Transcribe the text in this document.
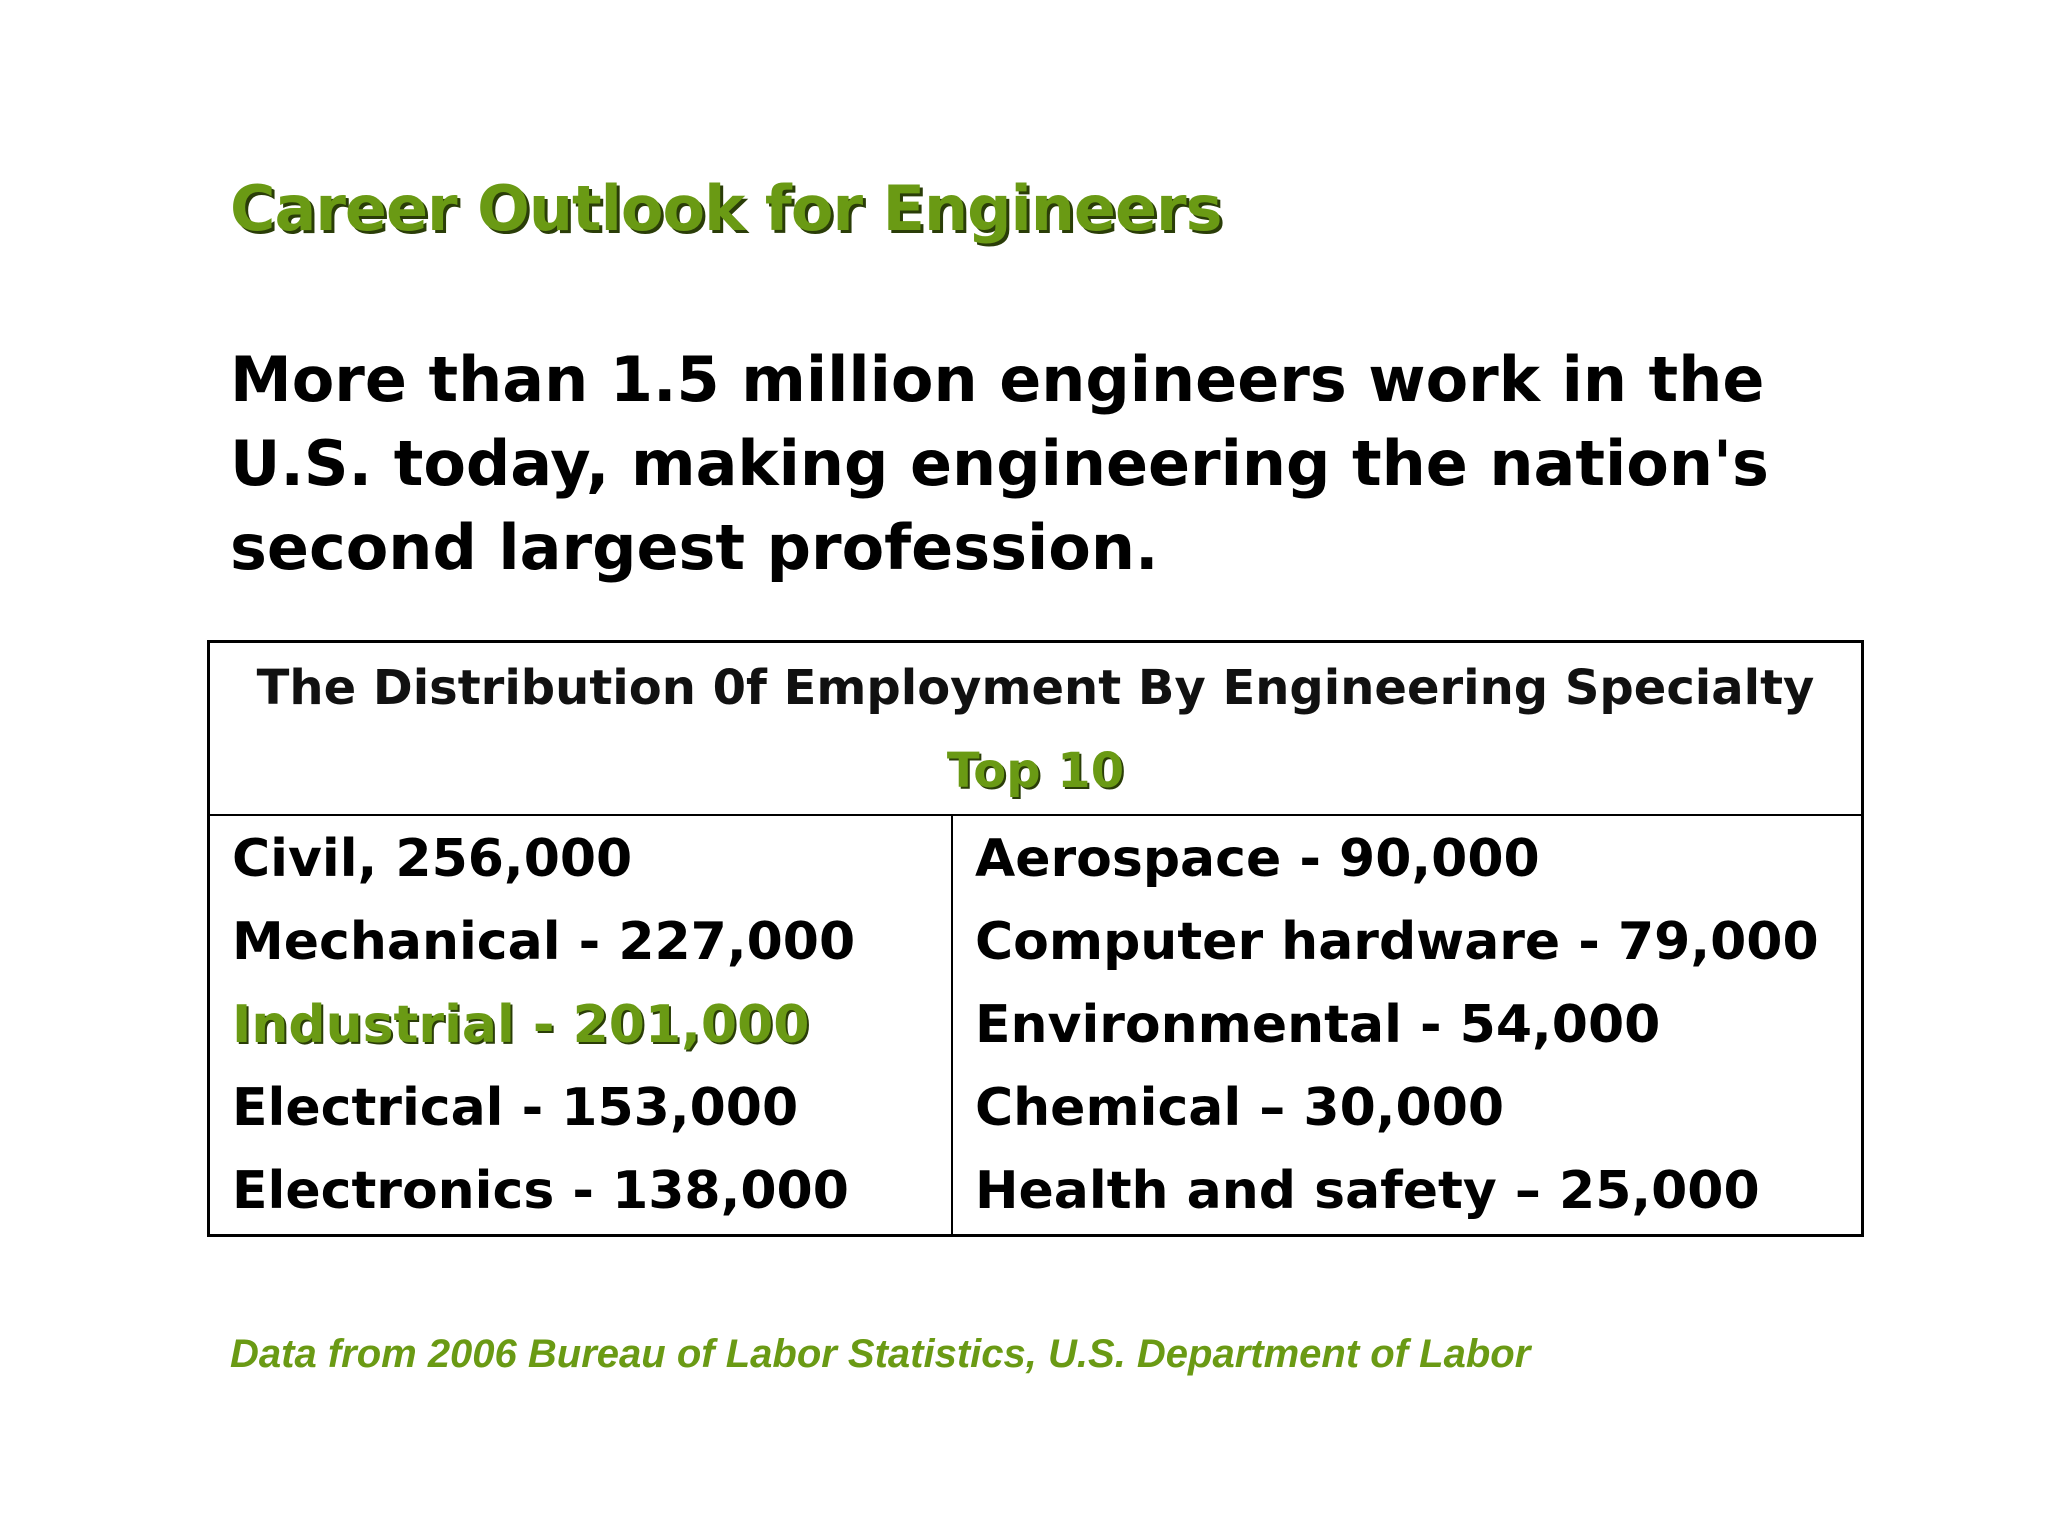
Career Outlook for Engineers
More than 1.5 million engineers work in the U.S. today, making engineering the nation's second largest profession.
The Distribution 0f Employment By Engineering Specialty
Top 10
Civil, 256,000
Mechanical - 227,000
Industrial - 201,000
Electrical - 153,000
Electronics - 138,000
Aerospace - 90,000
Computer hardware - 79,000
Environmental - 54,000
Chemical – 30,000
Health and safety – 25,000
Data from 2006 Bureau of Labor Statistics, U.S. Department of Labor
